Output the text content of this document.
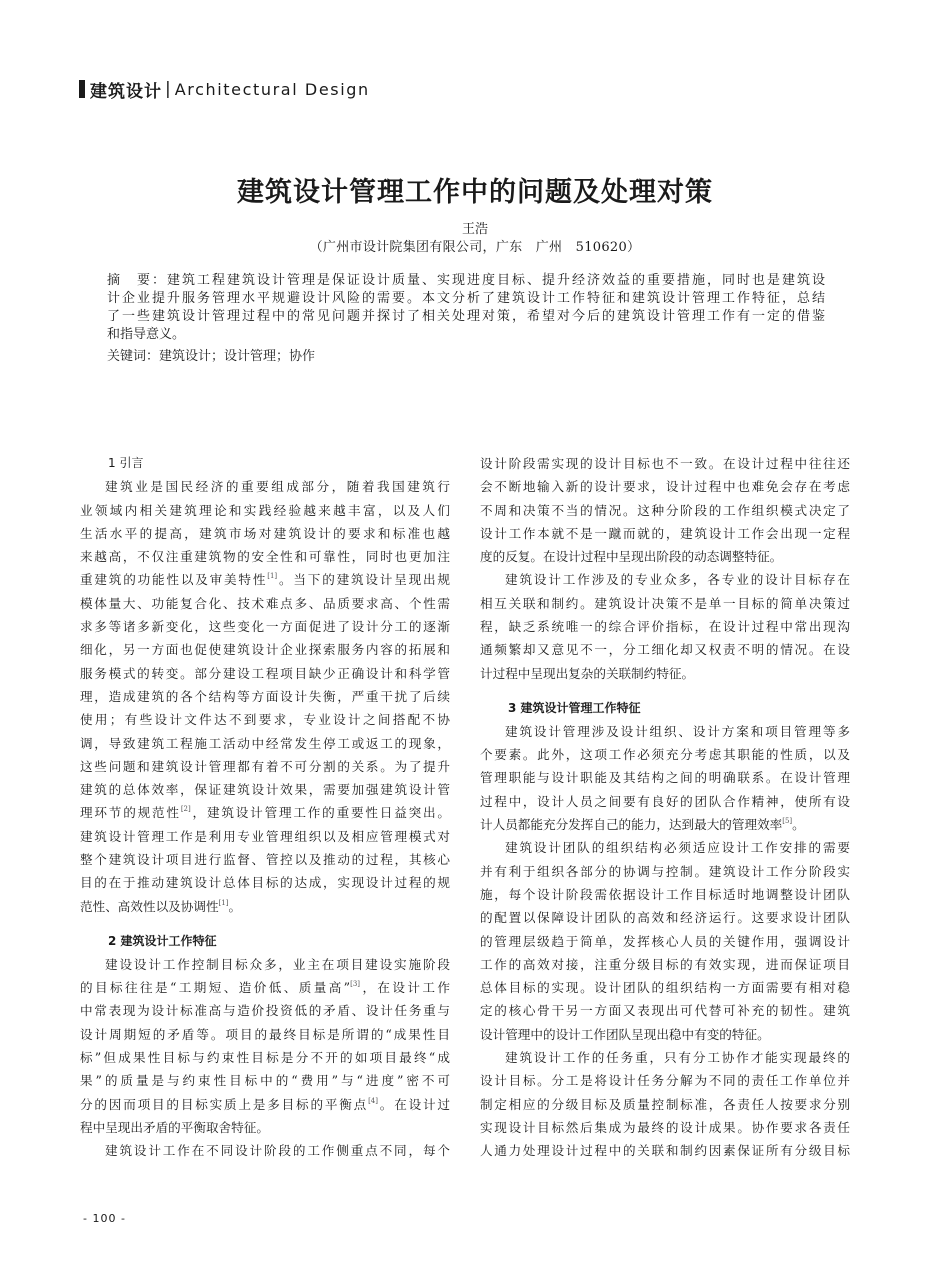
建筑设计 | Architectural Design
建筑设计管理工作中的问题及处理对策
王浩
（广州市设计院集团有限公司，广东　广州　510620）
摘　要：建筑工程建筑设计管理是保证设计质量、实现进度目标、提升经济效益的重要措施，同时也是建筑设
计企业提升服务管理水平规避设计风险的需要。本文分析了建筑设计工作特征和建筑设计管理工作特征，总结
了一些建筑设计管理过程中的常见问题并探讨了相关处理对策，希望对今后的建筑设计管理工作有一定的借鉴
和指导意义。
关键词：建筑设计；设计管理；协作
1 引言
建筑业是国民经济的重要组成部分，随着我国建筑行
业领域内相关建筑理论和实践经验越来越丰富，以及人们
生活水平的提高，建筑市场对建筑设计的要求和标准也越
来越高，不仅注重建筑物的安全性和可靠性，同时也更加注
重建筑的功能性以及审美特性[1]。当下的建筑设计呈现出规
模体量大、功能复合化、技术难点多、品质要求高、个性需
求多等诸多新变化，这些变化一方面促进了设计分工的逐渐
细化，另一方面也促使建筑设计企业探索服务内容的拓展和
服务模式的转变。部分建设工程项目缺少正确设计和科学管
理，造成建筑的各个结构等方面设计失衡，严重干扰了后续
使用；有些设计文件达不到要求，专业设计之间搭配不协
调，导致建筑工程施工活动中经常发生停工或返工的现象，
这些问题和建筑设计管理都有着不可分割的关系。为了提升
建筑的总体效率，保证建筑设计效果，需要加强建筑设计管
理环节的规范性[2]，建筑设计管理工作的重要性日益突出。
建筑设计管理工作是利用专业管理组织以及相应管理模式对
整个建筑设计项目进行监督、管控以及推动的过程，其核心
目的在于推动建筑设计总体目标的达成，实现设计过程的规
范性、高效性以及协调性[1]。
2 建筑设计工作特征
建设设计工作控制目标众多，业主在项目建设实施阶段
的目标往往是“工期短、造价低、质量高”[3]，在设计工作
中常表现为设计标准高与造价投资低的矛盾、设计任务重与
设计周期短的矛盾等。项目的最终目标是所谓的“成果性目
标”但成果性目标与约束性目标是分不开的如项目最终“成
果”的质量是与约束性目标中的“费用”与“进度”密不可
分的因而项目的目标实质上是多目标的平衡点[4]。在设计过
程中呈现出矛盾的平衡取舍特征。
建筑设计工作在不同设计阶段的工作侧重点不同，每个
设计阶段需实现的设计目标也不一致。在设计过程中往往还
会不断地输入新的设计要求，设计过程中也难免会存在考虑
不周和决策不当的情况。这种分阶段的工作组织模式决定了
设计工作本就不是一蹴而就的，建筑设计工作会出现一定程
度的反复。在设计过程中呈现出阶段的动态调整特征。
建筑设计工作涉及的专业众多，各专业的设计目标存在
相互关联和制约。建筑设计决策不是单一目标的简单决策过
程，缺乏系统唯一的综合评价指标，在设计过程中常出现沟
通频繁却又意见不一，分工细化却又权责不明的情况。在设
计过程中呈现出复杂的关联制约特征。
3 建筑设计管理工作特征
建筑设计管理涉及设计组织、设计方案和项目管理等多
个要素。此外，这项工作必须充分考虑其职能的性质，以及
管理职能与设计职能及其结构之间的明确联系。在设计管理
过程中，设计人员之间要有良好的团队合作精神，使所有设
计人员都能充分发挥自己的能力，达到最大的管理效率[5]。
建筑设计团队的组织结构必须适应设计工作安排的需要
并有利于组织各部分的协调与控制。建筑设计工作分阶段实
施，每个设计阶段需依据设计工作目标适时地调整设计团队
的配置以保障设计团队的高效和经济运行。这要求设计团队
的管理层级趋于简单，发挥核心人员的关键作用，强调设计
工作的高效对接，注重分级目标的有效实现，进而保证项目
总体目标的实现。设计团队的组织结构一方面需要有相对稳
定的核心骨干另一方面又表现出可代替可补充的韧性。建筑
设计管理中的设计工作团队呈现出稳中有变的特征。
建筑设计工作的任务重，只有分工协作才能实现最终的
设计目标。分工是将设计任务分解为不同的责任工作单位并
制定相应的分级目标及质量控制标准，各责任人按要求分别
实现设计目标然后集成为最终的设计成果。协作要求各责任
人通力处理设计过程中的关联和制约因素保证所有分级目标
- 100 -
